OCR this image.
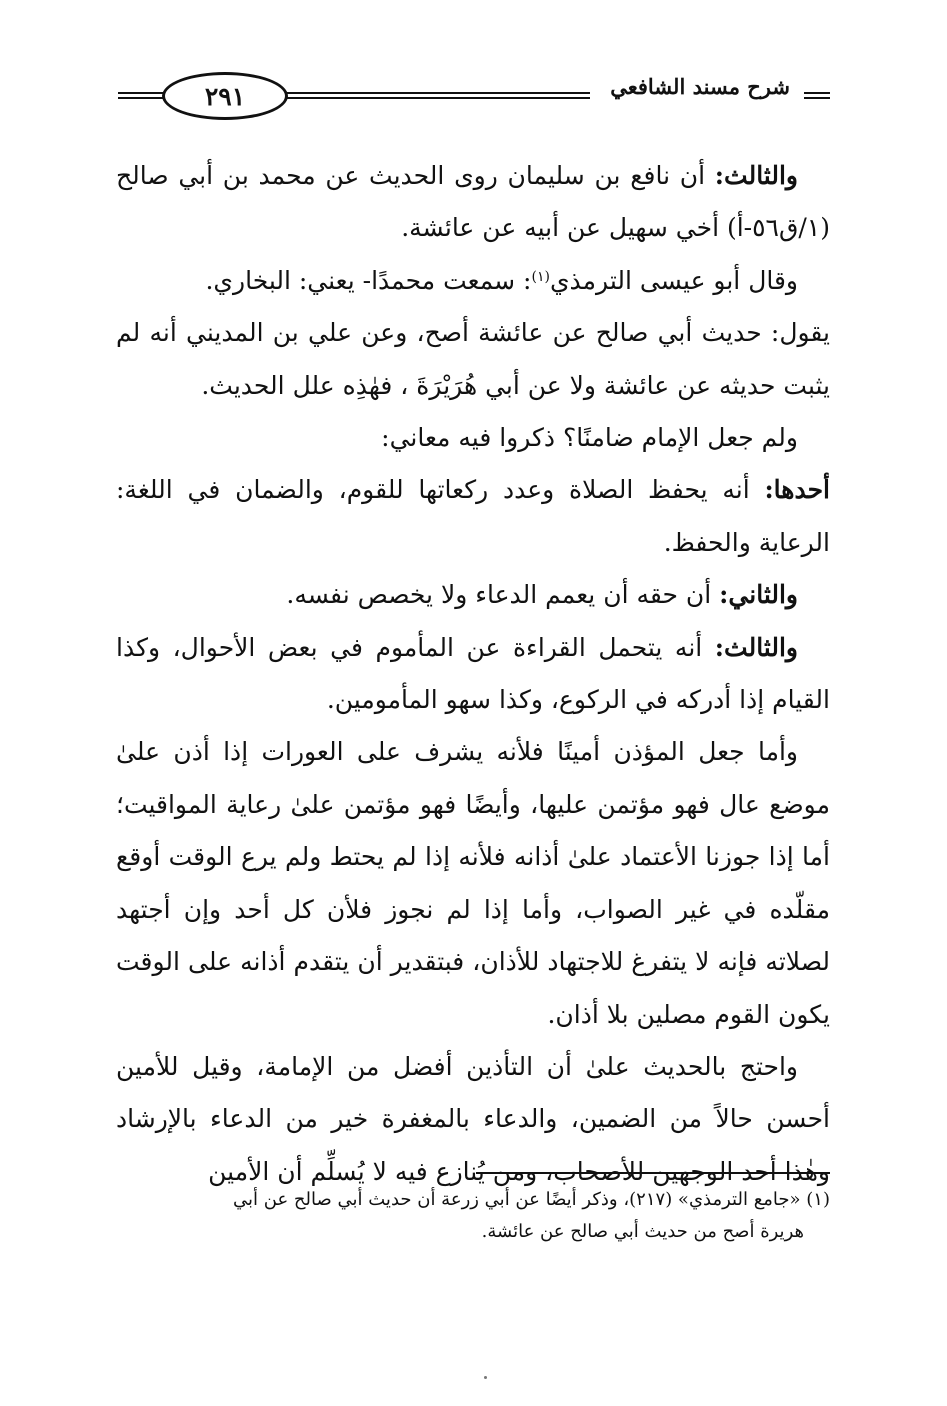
شرح مسند الشافعي
٢٩١

والثالث: أن نافع بن سليمان روى الحديث عن محمد بن أبي صالح (١/ق٥٦-أ) أخي سهيل عن أبيه عن عائشة.

وقال أبو عيسى الترمذي$^{(١)}$: سمعت محمدًا- يعني: البخاري.

يقول: حديث أبي صالح عن عائشة أصح، وعن علي بن المديني أنه لم يثبت حديثه عن عائشة ولا عن أبي هُرَيْرَةَ ، فهٰذِه علل الحديث.

ولم جعل الإمام ضامنًا؟ ذكروا فيه معاني:

أحدها: أنه يحفظ الصلاة وعدد ركعاتها للقوم، والضمان في اللغة: الرعاية والحفظ.

والثاني: أن حقه أن يعمم الدعاء ولا يخصص نفسه.

والثالث: أنه يتحمل القراءة عن المأموم في بعض الأحوال، وكذا القيام إذا أدركه في الركوع، وكذا سهو المأمومين.

وأما جعل المؤذن أمينًا فلأنه يشرف على العورات إذا أذن علىٰ موضع عال فهو مؤتمن عليها، وأيضًا فهو مؤتمن علىٰ رعاية المواقيت؛ أما إذا جوزنا الأعتماد علىٰ أذانه فلأنه إذا لم يحتط ولم يرع الوقت أوقع مقلّده في غير الصواب، وأما إذا لم نجوز فلأن كل أحد وإن أجتهد لصلاته فإنه لا يتفرغ للاجتهاد للأذان، فبتقدير أن يتقدم أذانه على الوقت يكون القوم مصلين بلا أذان.

واحتج بالحديث علىٰ أن التأذين أفضل من الإمامة، وقيل للأمين أحسن حالاً من الضمين، والدعاء بالمغفرة خير من الدعاء بالإرشاد وهٰذا أحد الوجهين للأصحاب، ومن يُنازع فيه لا يُسلِّم أن الأمين

(١) «جامع الترمذي» (٢١٧)، وذكر أيضًا عن أبي زرعة أن حديث أبي صالح عن أبي

هريرة أصح من حديث أبي صالح عن عائشة.
